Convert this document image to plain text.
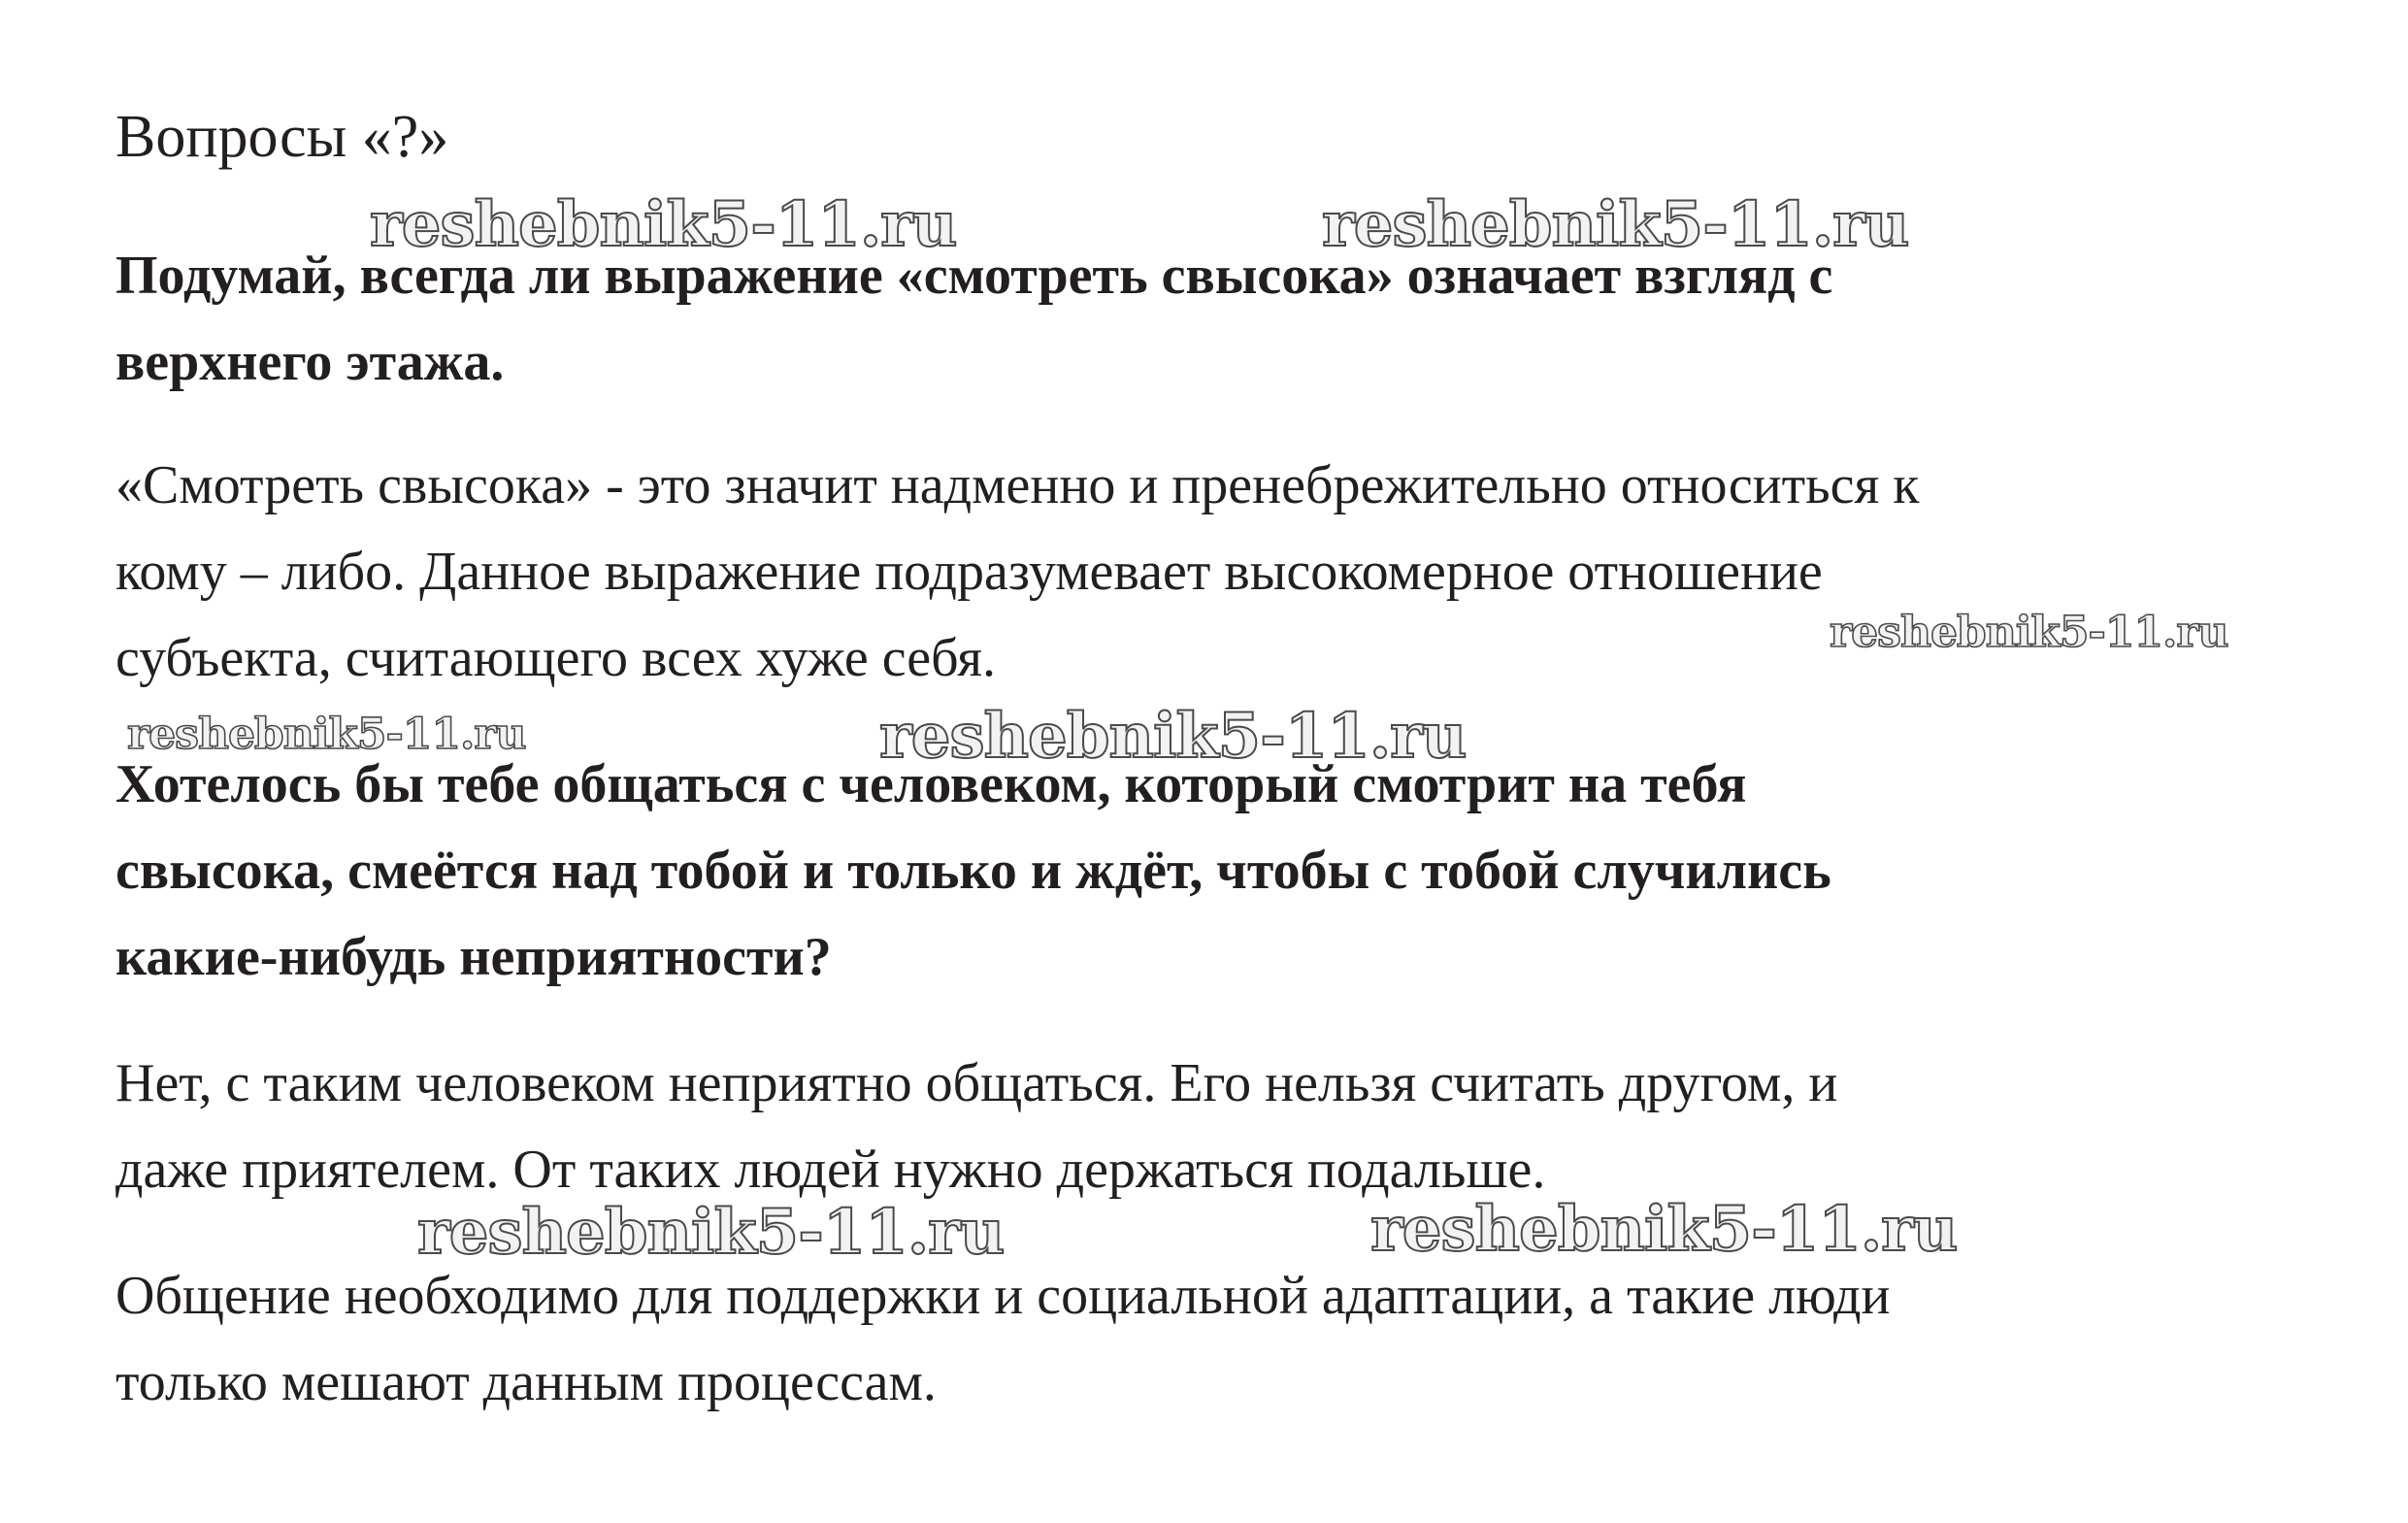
Вопросы «?»

Подумай, всегда ли выражение «смотреть свысока» означает взгляд с
верхнего этажа.

«Смотреть свысока» - это значит надменно и пренебрежительно относиться к
кому – либо. Данное выражение подразумевает высокомерное отношение
субъекта, считающего всех хуже себя.

Хотелось бы тебе общаться с человеком, который смотрит на тебя
свысока, смеётся над тобой и только и ждёт, чтобы с тобой случились
какие-нибудь неприятности?

Нет, с таким человеком неприятно общаться. Его нельзя считать другом, и
даже приятелем. От таких людей нужно держаться подальше.

Общение необходимо для поддержки и социальной адаптации, а такие люди
только мешают данным процессам.

reshebnik5-11.ru	reshebnik5-11.ru
reshebnik5-11.ru
reshebnik5-11.ru	reshebnik5-11.ru
reshebnik5-11.ru	reshebnik5-11.ru
